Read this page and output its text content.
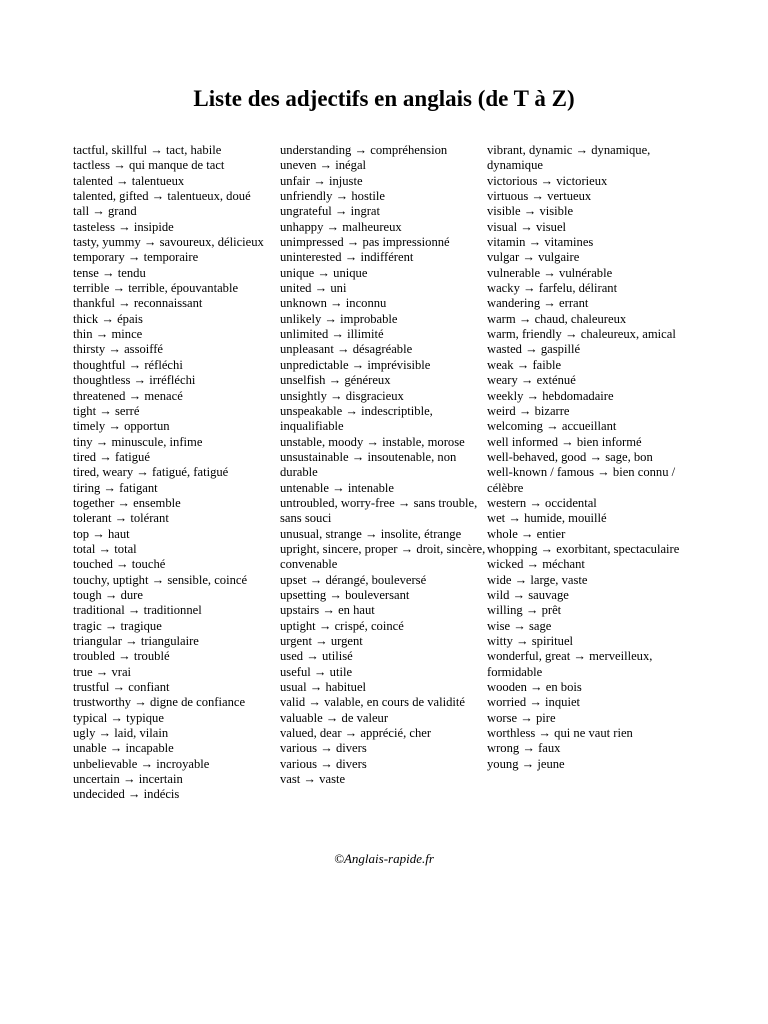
Liste des adjectifs en anglais (de T à Z)

tactful, skillful → tact, habile

tactless → qui manque de tact

talented → talentueux

talented, gifted → talentueux, doué

tall → grand

tasteless → insipide

tasty, yummy → savoureux, délicieux

temporary → temporaire

tense → tendu

terrible → terrible, épouvantable

thankful → reconnaissant

thick → épais

thin → mince

thirsty → assoiffé

thoughtful → réfléchi

thoughtless → irréfléchi

threatened → menacé

tight → serré

timely → opportun

tiny → minuscule, infime

tired → fatigué

tired, weary → fatigué, fatigué

tiring → fatigant

together → ensemble

tolerant → tolérant

top → haut

total → total

touched → touché

touchy, uptight → sensible, coincé

tough → dure

traditional → traditionnel

tragic → tragique

triangular → triangulaire

troubled → troublé

true → vrai

trustful → confiant

trustworthy → digne de confiance

typical → typique

ugly → laid, vilain

unable → incapable

unbelievable → incroyable

uncertain → incertain

undecided → indécis

understanding → compréhension

uneven → inégal

unfair → injuste

unfriendly → hostile

ungrateful → ingrat

unhappy → malheureux

unimpressed → pas impressionné

uninterested → indifférent

unique → unique

united → uni

unknown → inconnu

unlikely → improbable

unlimited → illimité

unpleasant → désagréable

unpredictable → imprévisible

unselfish → généreux

unsightly → disgracieux

unspeakable → indescriptible, inqualifiable

unstable, moody → instable, morose

unsustainable → insoutenable, non durable

untenable → intenable

untroubled, worry-free → sans trouble, sans souci

unusual, strange → insolite, étrange

upright, sincere, proper → droit, sincère, convenable

upset → dérangé, bouleversé

upsetting → bouleversant

upstairs → en haut

uptight → crispé, coincé

urgent → urgent

used → utilisé

useful → utile

usual → habituel

valid → valable, en cours de validité

valuable → de valeur

valued, dear → apprécié, cher

various → divers

various → divers

vast → vaste

vibrant, dynamic → dynamique, dynamique

victorious → victorieux

virtuous → vertueux

visible → visible

visual → visuel

vitamin → vitamines

vulgar → vulgaire

vulnerable → vulnérable

wacky → farfelu, délirant

wandering → errant

warm → chaud, chaleureux

warm, friendly → chaleureux, amical

wasted → gaspillé

weak → faible

weary → exténué

weekly → hebdomadaire

weird → bizarre

welcoming → accueillant

well informed → bien informé

well-behaved, good → sage, bon

well-known / famous → bien connu / célèbre

western → occidental

wet → humide, mouillé

whole → entier

whopping → exorbitant, spectaculaire

wicked → méchant

wide → large, vaste

wild → sauvage

willing → prêt

wise → sage

witty → spirituel

wonderful, great → merveilleux, formidable

wooden → en bois

worried → inquiet

worse → pire

worthless → qui ne vaut rien

wrong → faux

young → jeune

©Anglais-rapide.fr
